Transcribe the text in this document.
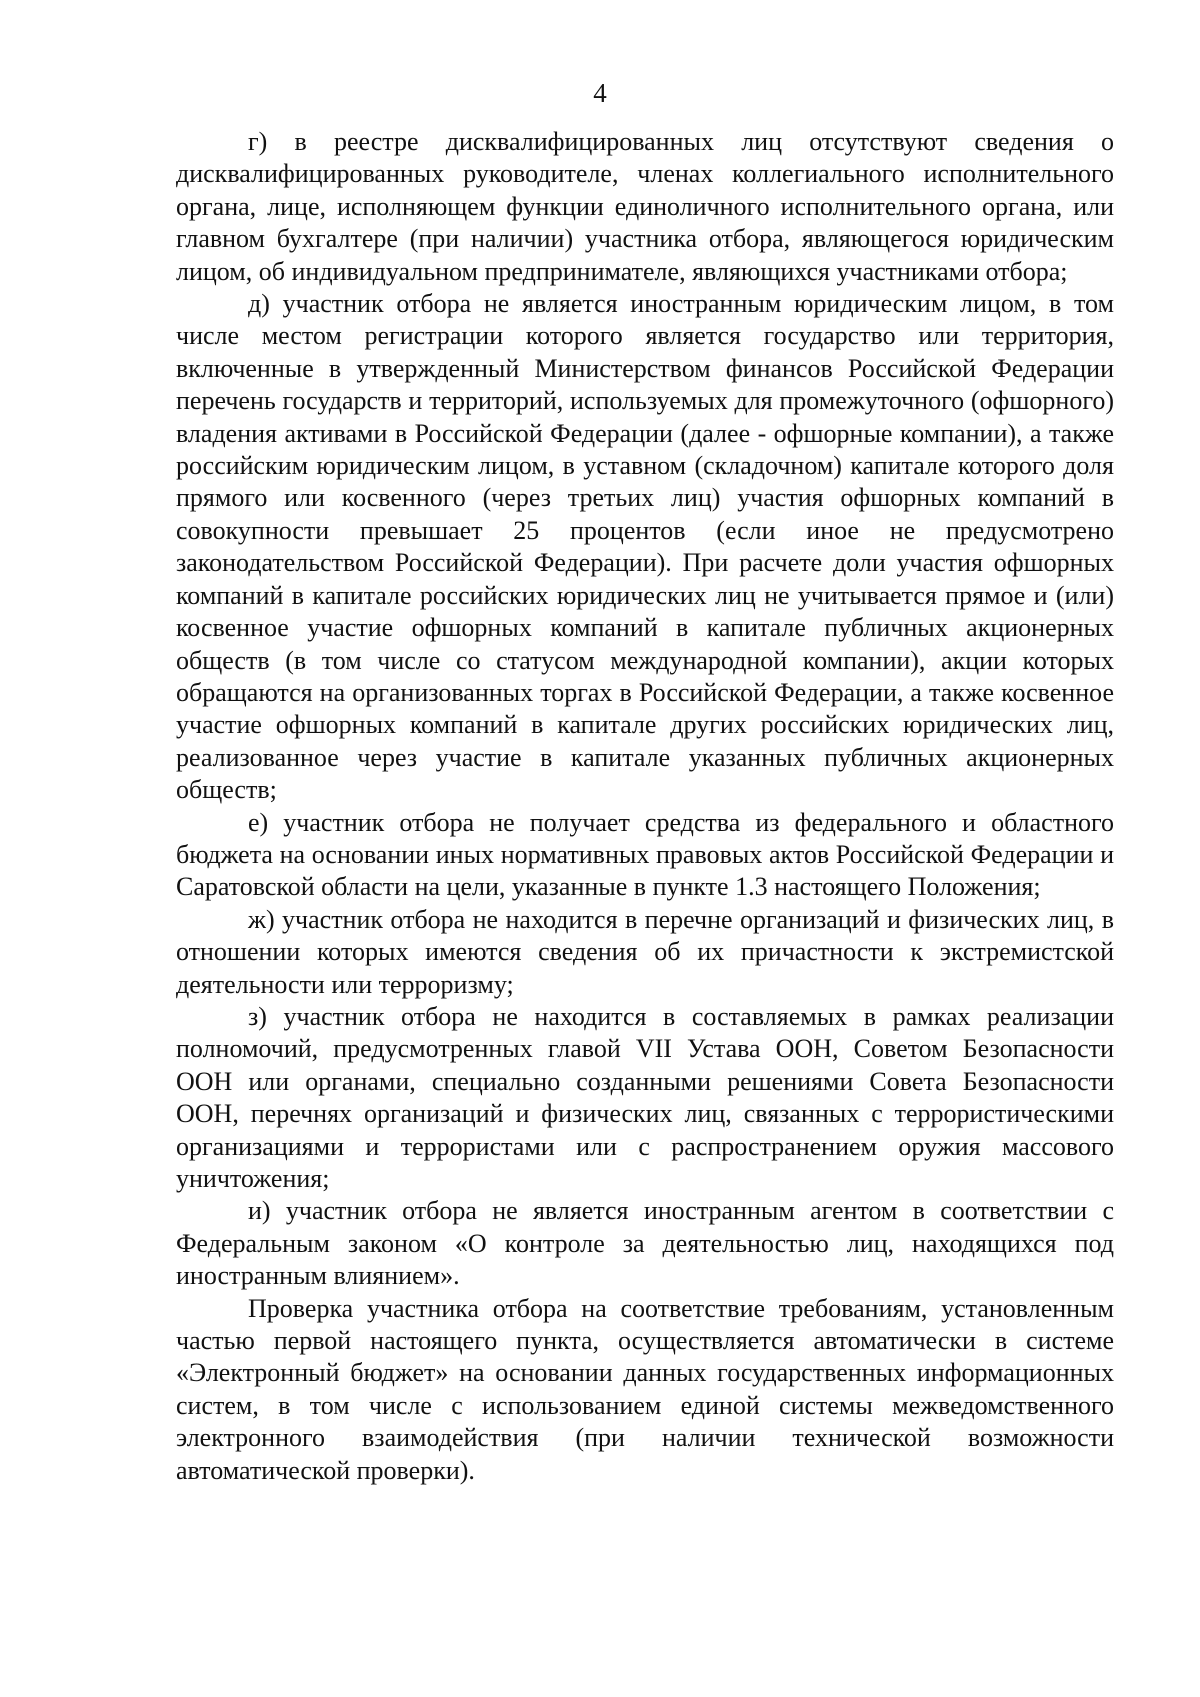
4

г) в реестре дисквалифицированных лиц отсутствуют сведения о дисквалифицированных руководителе, членах коллегиального исполнительного органа, лице, исполняющем функции единоличного исполнительного органа, или главном бухгалтере (при наличии) участника отбора, являющегося юридическим лицом, об индивидуальном предпринимателе, являющихся участниками отбора;

д) участник отбора не является иностранным юридическим лицом, в том числе местом регистрации которого является государство или территория, включенные в утвержденный Министерством финансов Российской Федерации перечень государств и территорий, используемых для промежуточного (офшорного) владения активами в Российской Федерации (далее - офшорные компании), а также российским юридическим лицом, в уставном (складочном) капитале которого доля прямого или косвенного (через третьих лиц) участия офшорных компаний в совокупности превышает 25 процентов (если иное не предусмотрено законодательством Российской Федерации). При расчете доли участия офшорных компаний в капитале российских юридических лиц не учитывается прямое и (или) косвенное участие офшорных компаний в капитале публичных акционерных обществ (в том числе со статусом международной компании), акции которых обращаются на организованных торгах в Российской Федерации, а также косвенное участие офшорных компаний в капитале других российских юридических лиц, реализованное через участие в капитале указанных публичных акционерных обществ;

е) участник отбора не получает средства из федерального и областного бюджета на основании иных нормативных правовых актов Российской Федерации и Саратовской области на цели, указанные в пункте 1.3 настоящего Положения;

ж) участник отбора не находится в перечне организаций и физических лиц, в отношении которых имеются сведения об их причастности к экстремистской деятельности или терроризму;

з) участник отбора не находится в составляемых в рамках реализации полномочий, предусмотренных главой VII Устава ООН, Советом Безопасности ООН или органами, специально созданными решениями Совета Безопасности ООН, перечнях организаций и физических лиц, связанных с террористическими организациями и террористами или с распространением оружия массового уничтожения;

и) участник отбора не является иностранным агентом в соответствии с Федеральным законом «О контроле за деятельностью лиц, находящихся под иностранным влиянием».

Проверка участника отбора на соответствие требованиям, установленным частью первой настоящего пункта, осуществляется автоматически в системе «Электронный бюджет» на основании данных государственных информационных систем, в том числе с использованием единой системы межведомственного электронного взаимодействия (при наличии технической возможности автоматической проверки).
